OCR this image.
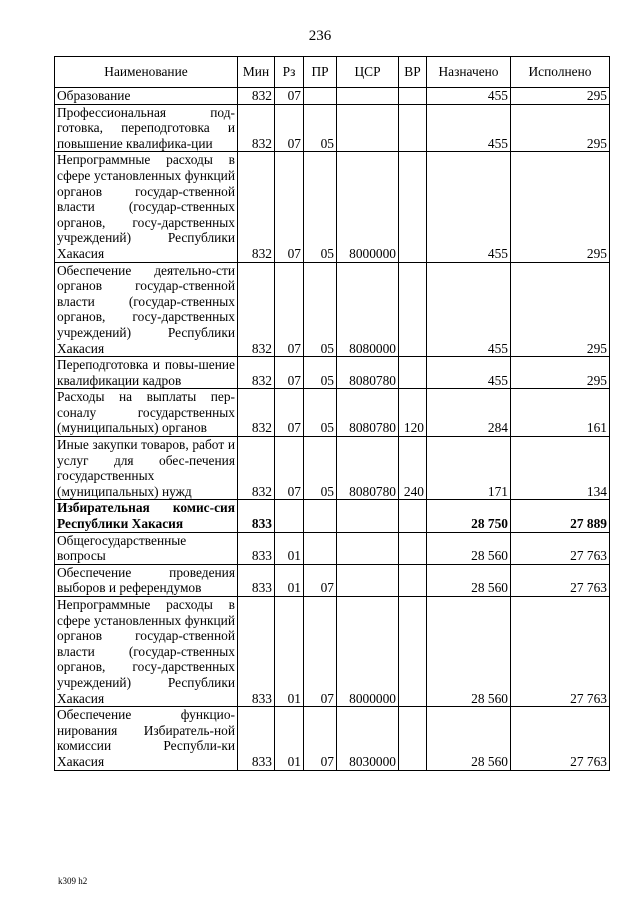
236
Наименование	Мин	Рз	ПР	ЦСР	ВР	Назначено	Исполнено
Образование	832	07				455	295
Профессиональная под-готовка, переподготовка и повышение квалифика-ции	832	07	05			455	295
Непрограммные расходы в сфере установленных функций органов государ-ственной власти (государ-ственных органов, госу-дарственных учреждений) Республики Хакасия	832	07	05	8000000		455	295
Обеспечение деятельно-сти органов государ-ственной власти (государ-ственных органов, госу-дарственных учреждений) Республики Хакасия	832	07	05	8080000		455	295
Переподготовка и повы-шение квалификации кадров	832	07	05	8080780		455	295
Расходы на выплаты пер-соналу государственных (муниципальных) органов	832	07	05	8080780	120	284	161
Иные закупки товаров, работ и услуг для обес-печения государственных (муниципальных) нужд	832	07	05	8080780	240	171	134
Избирательная комис-сия Республики Хакасия	833					28 750	27 889
Общегосударственные вопросы	833	01				28 560	27 763
Обеспечение проведения выборов и референдумов	833	01	07			28 560	27 763
Непрограммные расходы в сфере установленных функций органов государ-ственной власти (государ-ственных органов, госу-дарственных учреждений) Республики Хакасия	833	01	07	8000000		28 560	27 763
Обеспечение функцио-нирования Избиратель-ной комиссии Республи-ки Хакасия	833	01	07	8030000		28 560	27 763
k309 h2
